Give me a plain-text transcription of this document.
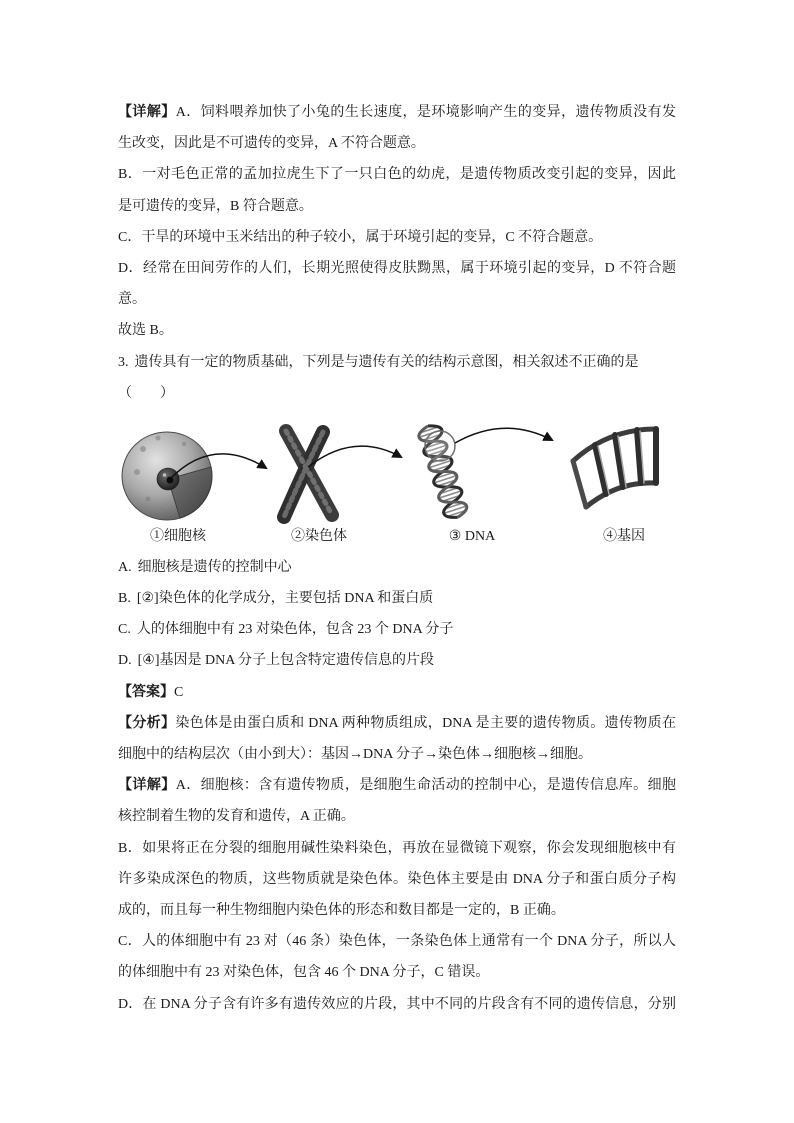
【详解】A．饲料喂养加快了小兔的生长速度，是环境影响产生的变异，遗传物质没有发
生改变，因此是不可遗传的变异，A 不符合题意。
B．一对毛色正常的孟加拉虎生下了一只白色的幼虎，是遗传物质改变引起的变异，因此
是可遗传的变异，B 符合题意。
C．干旱的环境中玉米结出的种子较小，属于环境引起的变异，C 不符合题意。
D．经常在田间劳作的人们，长期光照使得皮肤黝黑，属于环境引起的变异，D 不符合题
意。
故选 B。
3. 遗传具有一定的物质基础，下列是与遗传有关的结构示意图，相关叙述不正确的是
（　　）
①细胞核	②染色体	③ DNA	④基因
A. 细胞核是遗传的控制中心
B. [②]染色体的化学成分，主要包括 DNA 和蛋白质
C. 人的体细胞中有 23 对染色体，包含 23 个 DNA 分子
D. [④]基因是 DNA 分子上包含特定遗传信息的片段
【答案】C
【分析】染色体是由蛋白质和 DNA 两种物质组成，DNA 是主要的遗传物质。遗传物质在
细胞中的结构层次（由小到大）：基因→DNA 分子→染色体→细胞核→细胞。
【详解】A．细胞核：含有遗传物质，是细胞生命活动的控制中心，是遗传信息库。细胞
核控制着生物的发育和遗传，A 正确。
B．如果将正在分裂的细胞用碱性染料染色，再放在显微镜下观察，你会发现细胞核中有
许多染成深色的物质，这些物质就是染色体。染色体主要是由 DNA 分子和蛋白质分子构
成的，而且每一种生物细胞内染色体的形态和数目都是一定的，B 正确。
C．人的体细胞中有 23 对（46 条）染色体，一条染色体上通常有一个 DNA 分子，所以人
的体细胞中有 23 对染色体，包含 46 个 DNA 分子，C 错误。
D．在 DNA 分子含有许多有遗传效应的片段，其中不同的片段含有不同的遗传信息，分别
